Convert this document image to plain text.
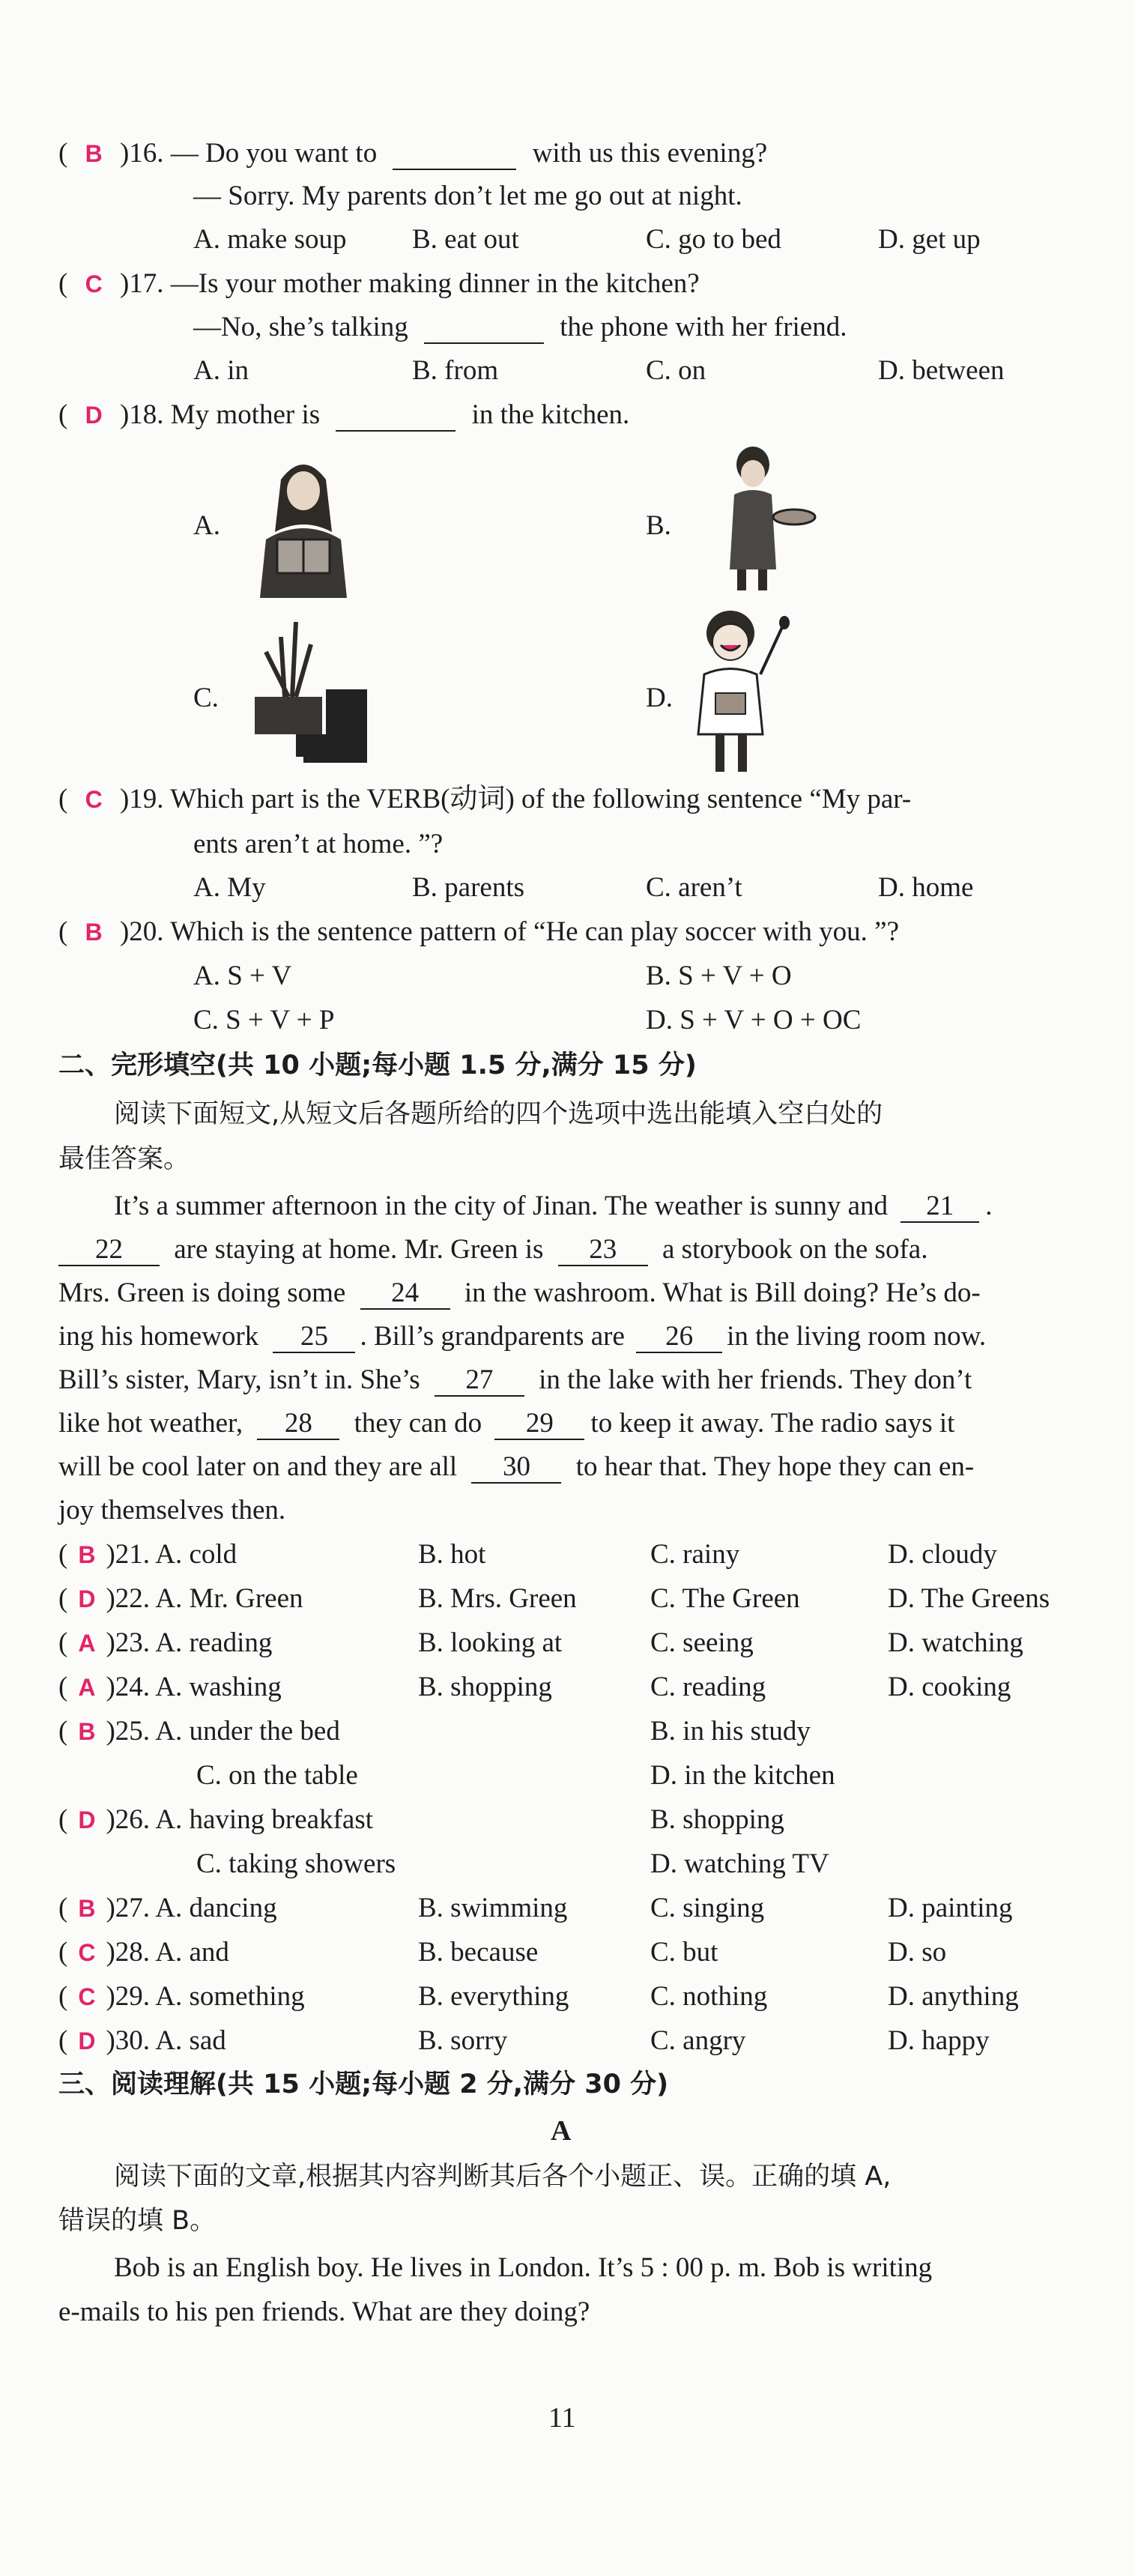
( B )16. — Do you want to	with us this evening?
— Sorry. My parents don’t let me go out at night.
A. make soup B. eat out	C. go to bed	D. get up
( C )17. —Is your mother making dinner in the kitchen?
—No, she’s talking	the phone with her friend.
A. in	B. from	C. on	D. between
( D )18. My mother is	in the kitchen.
A.	B.
C.	D.
( C )19. Which part is the VERB(动词) of the following sentence “My par-
ents aren’t at home. ”?
A. My	B. parents	C. aren’t	D. home
( B )20. Which is the sentence pattern of “He can play soccer with you. ”?
A. S + V	B. S + V + O
C. S + V + P	D. S + V + O + OC
二、完形填空(共 10 小题;每小题 1.5 分,满分 15 分)
阅读下面短文,从短文后各题所给的四个选项中选出能填入空白处的
最佳答案。
It’s a summer afternoon in the city of Jinan. The weather is sunny and 21 .
22 are staying at home. Mr. Green is 23 a storybook on the sofa.
Mrs. Green is doing some 24 in the washroom. What is Bill doing? He’s do-
ing his homework 25 . Bill’s grandparents are 26 in the living room now.
Bill’s sister, Mary, isn’t in. She’s 27 in the lake with her friends. They don’t
like hot weather, 28 they can do 29 to keep it away. The radio says it
will be cool later on and they are all 30 to hear that. They hope they can en-
joy themselves then.
( B )21. A. cold	B. hot	C. rainy	D. cloudy
( D )22. A. Mr. Green	B. Mrs. Green	C. The Green	D. The Greens
( A )23. A. reading	B. looking at	C. seeing	D. watching
( A )24. A. washing	B. shopping	C. reading	D. cooking
( B )25. A. under the bed	B. in his study
C. on the table	D. in the kitchen
( D )26. A. having breakfast	B. shopping
C. taking showers	D. watching TV
( B )27. A. dancing	B. swimming	C. singing	D. painting
( C )28. A. and	B. because	C. but	D. so
( C )29. A. something	B. everything	C. nothing	D. anything
( D )30. A. sad	B. sorry	C. angry	D. happy
三、阅读理解(共 15 小题;每小题 2 分,满分 30 分)
A
阅读下面的文章,根据其内容判断其后各个小题正、误。正确的填 A,
错误的填 B。
Bob is an English boy. He lives in London. It’s 5 : 00 p. m. Bob is writing
e-mails to his pen friends. What are they doing?
11
